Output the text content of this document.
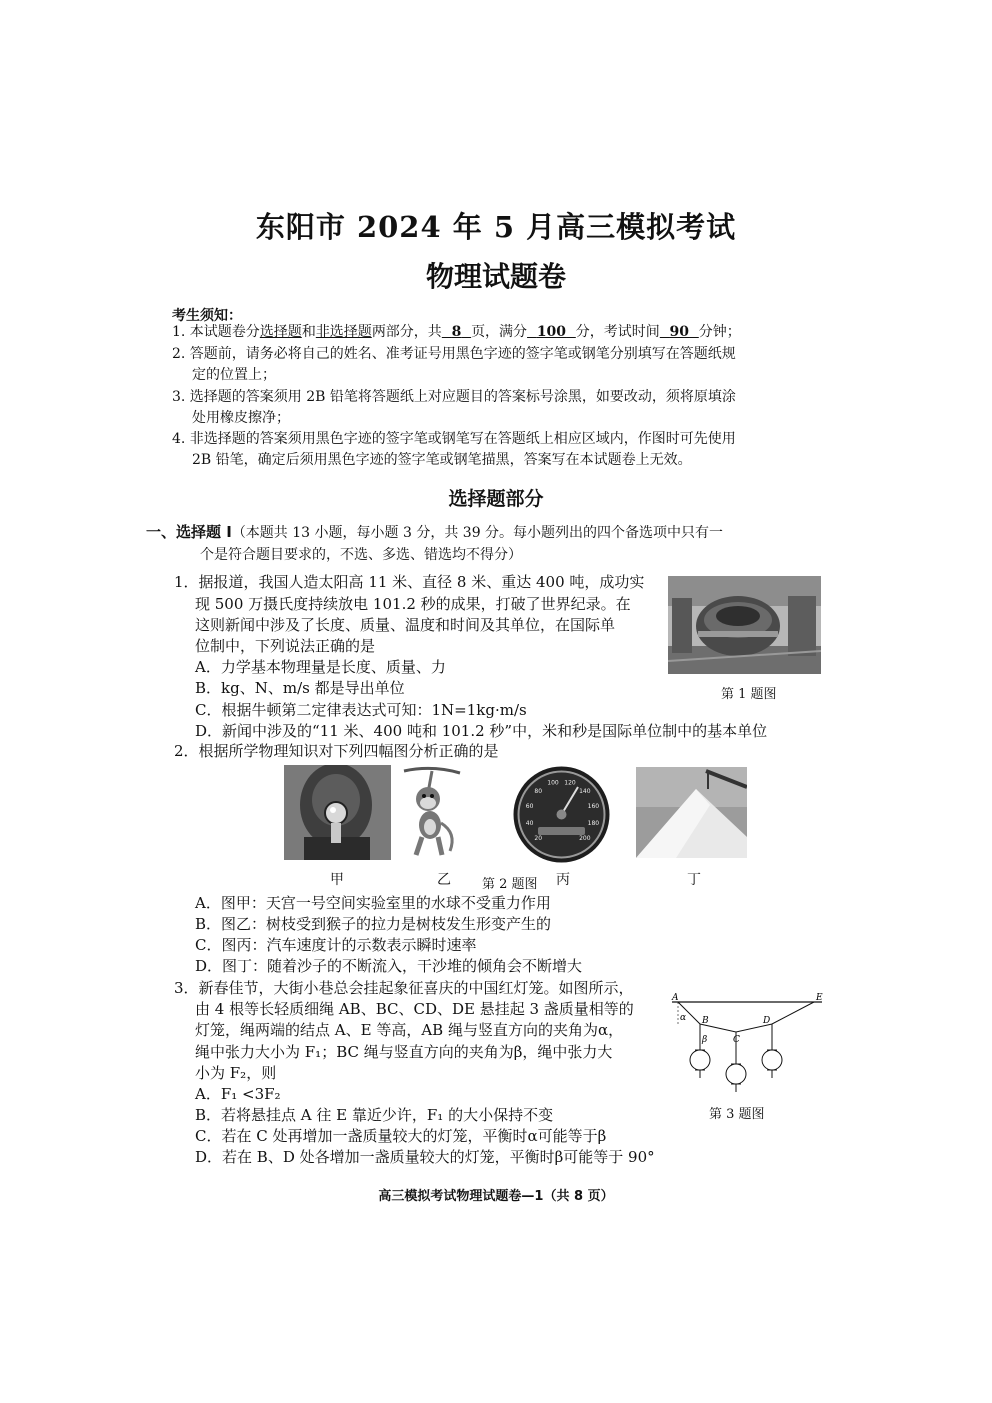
东阳市 2024 年 5 月高三模拟考试
物理试题卷
考生须知：
1. 本试题卷分选择题和非选择题两部分，共 8 页，满分 100 分，考试时间 90 分钟；
2. 答题前，请务必将自己的姓名、准考证号用黑色字迹的签字笔或钢笔分别填写在答题纸规
定的位置上；
3. 选择题的答案须用 2B 铅笔将答题纸上对应题目的答案标号涂黑，如要改动，须将原填涂
处用橡皮擦净；
4. 非选择题的答案须用黑色字迹的签字笔或钢笔写在答题纸上相应区域内，作图时可先使用
2B 铅笔，确定后须用黑色字迹的签字笔或钢笔描黑，答案写在本试题卷上无效。
选择题部分
一、选择题 I（本题共 13 小题，每小题 3 分，共 39 分。每小题列出的四个备选项中只有一
个是符合题目要求的，不选、多选、错选均不得分）
1．据报道，我国人造太阳高 11 米、直径 8 米、重达 400 吨，成功实
现 500 万摄氏度持续放电 101.2 秒的成果，打破了世界纪录。在
这则新闻中涉及了长度、质量、温度和时间及其单位，在国际单
位制中，下列说法正确的是
A．力学基本物理量是长度、质量、力
B．kg、N、m/s 都是导出单位
C．根据牛顿第二定律表达式可知：1N=1kg·m/s
D．新闻中涉及的“11 米、400 吨和 101.2 秒”中，米和秒是国际单位制中的基本单位
第 1 题图
2．根据所学物理知识对下列四幅图分析正确的是
20
40
60
80
100 120
140
160
180
200
甲	乙 第 2 题图 丙	丁
A．图甲：天宫一号空间实验室里的水球不受重力作用
B．图乙：树枝受到猴子的拉力是树枝发生形变产生的
C．图丙：汽车速度计的示数表示瞬时速率
D．图丁：随着沙子的不断流入，干沙堆的倾角会不断增大
3．新春佳节，大街小巷总会挂起象征喜庆的中国红灯笼。如图所示，
由 4 根等长轻质细绳 AB、BC、CD、DE 悬挂起 3 盏质量相等的
灯笼，绳两端的结点 A、E 等高，AB 绳与竖直方向的夹角为α，
绳中张力大小为 F₁；BC 绳与竖直方向的夹角为β，绳中张力大
小为 F₂，则
A．F₁ <3F₂
B．若将悬挂点 A 往 E 靠近少许，F₁ 的大小保持不变
C．若在 C 处再增加一盏质量较大的灯笼，平衡时α可能等于β
D．若在 B、D 处各增加一盏质量较大的灯笼，平衡时β可能等于 90°
A	E
B
C
D
α
β
第 3 题图
高三模拟考试物理试题卷—1（共 8 页）
